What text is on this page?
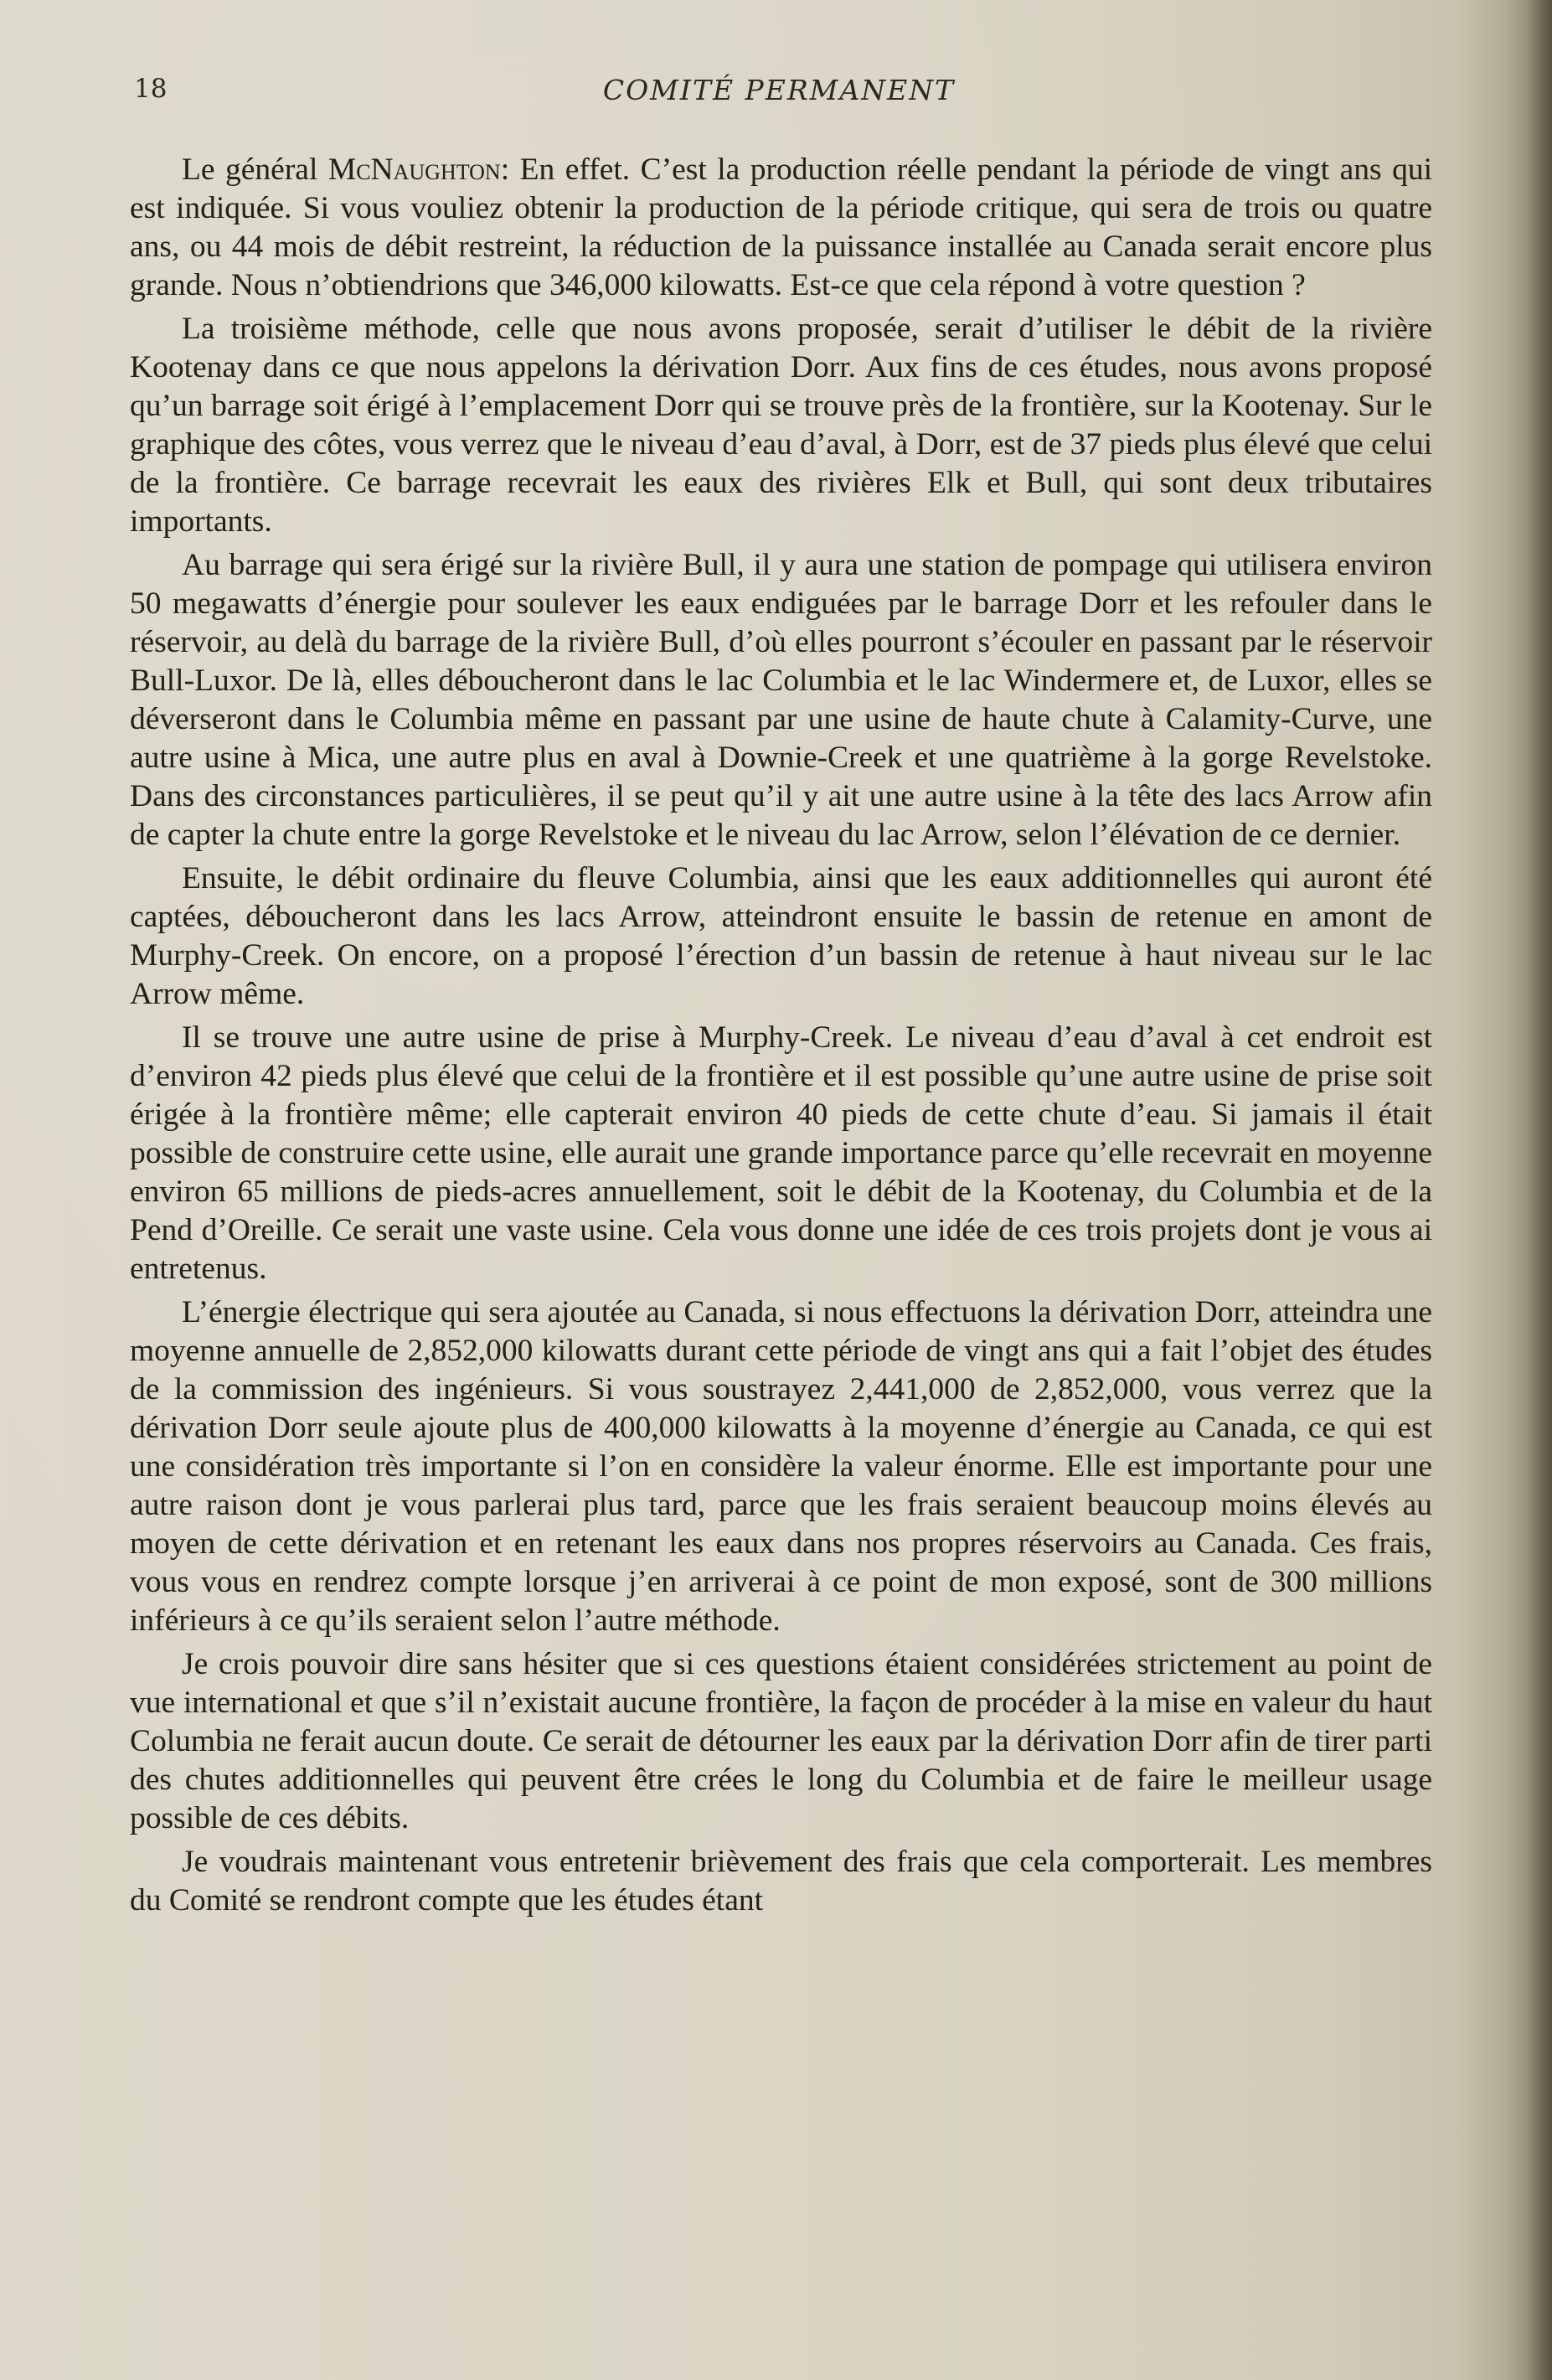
18	COMITÉ PERMANENT

Le général McNaughton: En effet. C’est la production réelle pendant la période de vingt ans qui est indiquée. Si vous vouliez obtenir la production de la période critique, qui sera de trois ou quatre ans, ou 44 mois de débit restreint, la réduction de la puissance installée au Canada serait encore plus grande. Nous n’obtiendrions que 346,000 kilowatts. Est-ce que cela répond à votre question ?

La troisième méthode, celle que nous avons proposée, serait d’utiliser le débit de la rivière Kootenay dans ce que nous appelons la dérivation Dorr. Aux fins de ces études, nous avons proposé qu’un barrage soit érigé à l’emplacement Dorr qui se trouve près de la frontière, sur la Kootenay. Sur le graphique des côtes, vous verrez que le niveau d’eau d’aval, à Dorr, est de 37 pieds plus élevé que celui de la frontière. Ce barrage recevrait les eaux des rivières Elk et Bull, qui sont deux tributaires importants.

Au barrage qui sera érigé sur la rivière Bull, il y aura une station de pompage qui utilisera environ 50 megawatts d’énergie pour soulever les eaux endiguées par le barrage Dorr et les refouler dans le réservoir, au delà du barrage de la rivière Bull, d’où elles pourront s’écouler en passant par le réservoir Bull-Luxor. De là, elles déboucheront dans le lac Columbia et le lac Windermere et, de Luxor, elles se déverseront dans le Columbia même en passant par une usine de haute chute à Calamity-Curve, une autre usine à Mica, une autre plus en aval à Downie-Creek et une quatrième à la gorge Revelstoke. Dans des circonstances particulières, il se peut qu’il y ait une autre usine à la tête des lacs Arrow afin de capter la chute entre la gorge Revelstoke et le niveau du lac Arrow, selon l’élévation de ce dernier.

Ensuite, le débit ordinaire du fleuve Columbia, ainsi que les eaux additionnelles qui auront été captées, déboucheront dans les lacs Arrow, atteindront ensuite le bassin de retenue en amont de Murphy-Creek. On encore, on a proposé l’érection d’un bassin de retenue à haut niveau sur le lac Arrow même.

Il se trouve une autre usine de prise à Murphy-Creek. Le niveau d’eau d’aval à cet endroit est d’environ 42 pieds plus élevé que celui de la frontière et il est possible qu’une autre usine de prise soit érigée à la frontière même; elle capterait environ 40 pieds de cette chute d’eau. Si jamais il était possible de construire cette usine, elle aurait une grande importance parce qu’elle recevrait en moyenne environ 65 millions de pieds-acres annuellement, soit le débit de la Kootenay, du Columbia et de la Pend d’Oreille. Ce serait une vaste usine. Cela vous donne une idée de ces trois projets dont je vous ai entretenus.

L’énergie électrique qui sera ajoutée au Canada, si nous effectuons la dérivation Dorr, atteindra une moyenne annuelle de 2,852,000 kilowatts durant cette période de vingt ans qui a fait l’objet des études de la commission des ingénieurs. Si vous soustrayez 2,441,000 de 2,852,000, vous verrez que la dérivation Dorr seule ajoute plus de 400,000 kilowatts à la moyenne d’énergie au Canada, ce qui est une considération très importante si l’on en considère la valeur énorme. Elle est importante pour une autre raison dont je vous parlerai plus tard, parce que les frais seraient beaucoup moins élevés au moyen de cette dérivation et en retenant les eaux dans nos propres réservoirs au Canada. Ces frais, vous vous en rendrez compte lorsque j’en arriverai à ce point de mon exposé, sont de 300 millions inférieurs à ce qu’ils seraient selon l’autre méthode.

Je crois pouvoir dire sans hésiter que si ces questions étaient considérées strictement au point de vue international et que s’il n’existait aucune frontière, la façon de procéder à la mise en valeur du haut Columbia ne ferait aucun doute. Ce serait de détourner les eaux par la dérivation Dorr afin de tirer parti des chutes additionnelles qui peuvent être crées le long du Columbia et de faire le meilleur usage possible de ces débits.

Je voudrais maintenant vous entretenir brièvement des frais que cela comporterait. Les membres du Comité se rendront compte que les études étant
